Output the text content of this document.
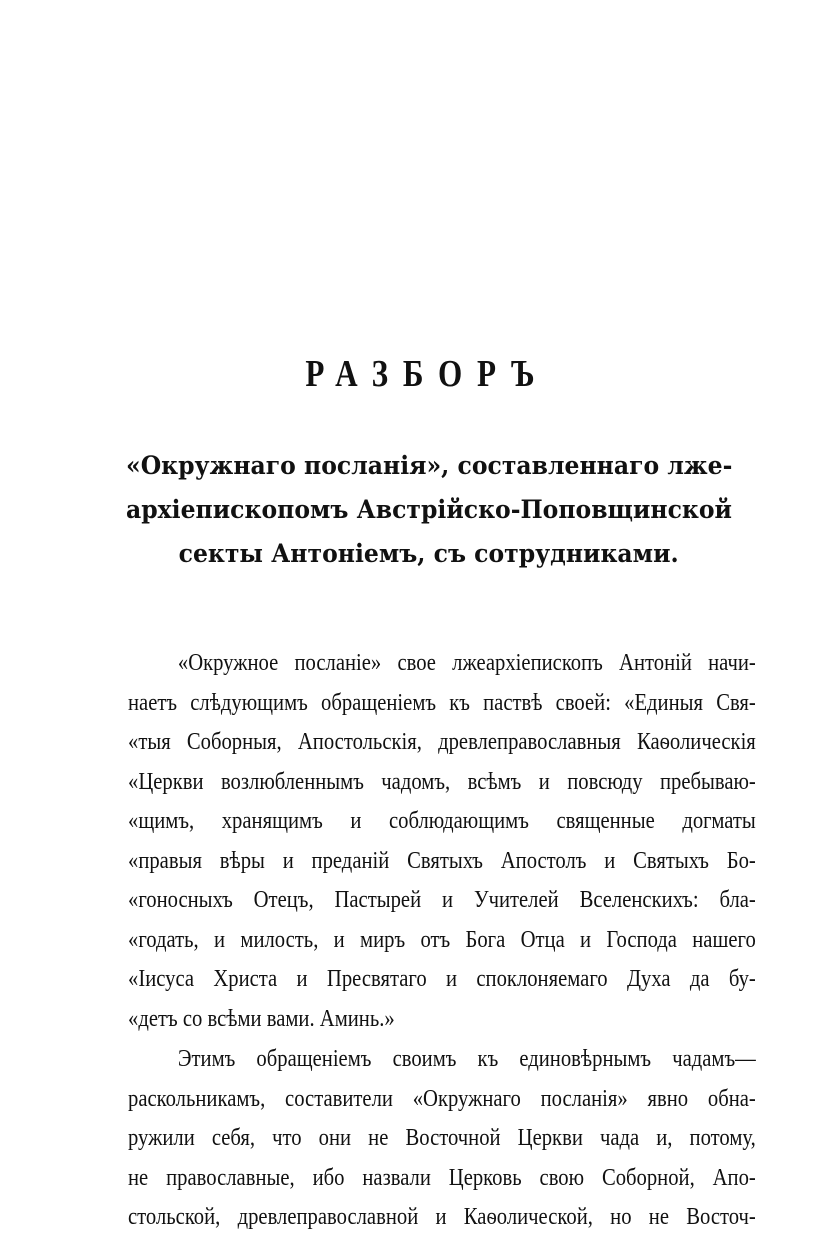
РАЗБОРЪ
«Окружнаго посланія», составленнаго лже-
архіепископомъ Австрійско-Поповщинской
секты Антоніемъ, съ сотрудниками.
«Окружное посланіе» свое лжеархіепископъ Антоній начи-
наетъ слѣдующимъ обращеніемъ къ паствѣ своей: «Единыя Свя-
«тыя Соборныя, Апостольскія, древлеправославныя Каѳолическія
«Церкви возлюбленнымъ чадомъ, всѣмъ и повсюду пребываю-
«щимъ, хранящимъ и соблюдающимъ священные догматы
«правыя вѣры и преданій Святыхъ Апостолъ и Святыхъ Бо-
«гоносныхъ Отецъ, Пастырей и Учителей Вселенскихъ: бла-
«годать, и милость, и миръ отъ Бога Отца и Господа нашего
«Іисуса Христа и Пресвятаго и споклоняемаго Духа да бу-
«детъ со всѣми вами. Аминь.»
Этимъ обращеніемъ своимъ къ единовѣрнымъ чадамъ—
раскольникамъ, составители «Окружнаго посланія» явно обна-
ружили себя, что они не Восточной Церкви чада и, потому,
не православные, ибо назвали Церковь свою Соборной, Апо-
стольской, древлеправославной и Каѳолической, но не Восточ-
